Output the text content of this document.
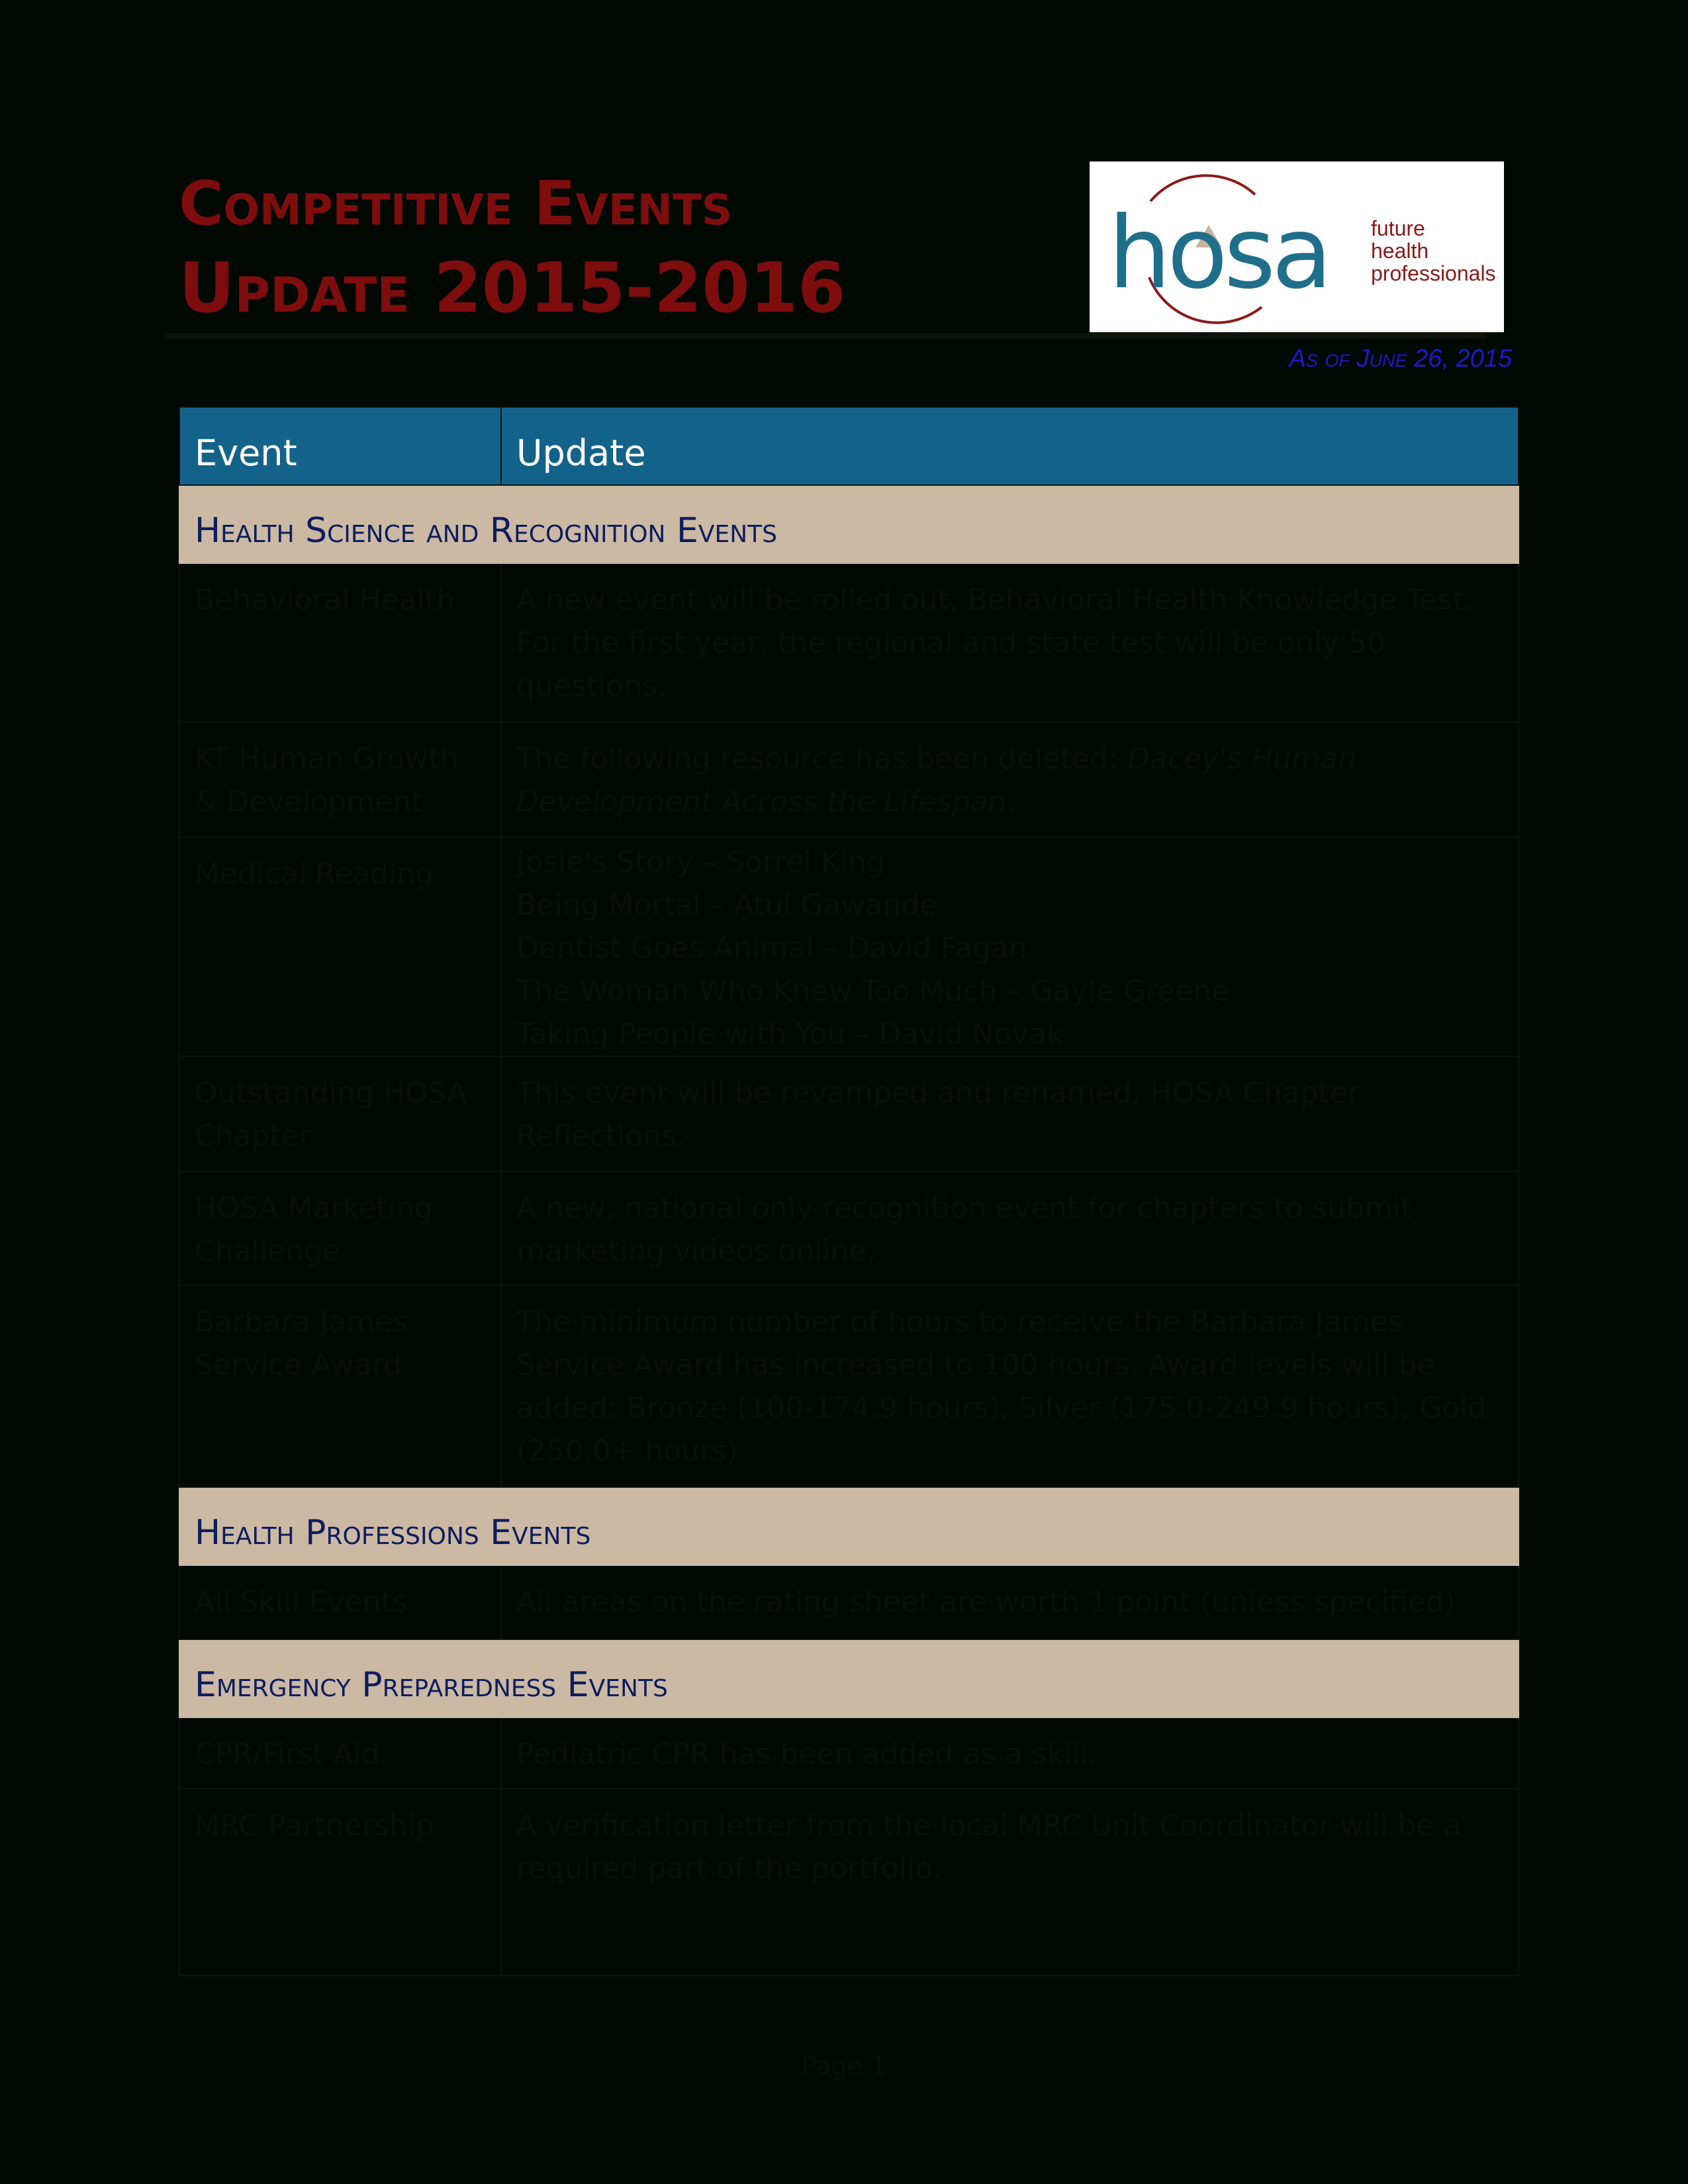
Competitive Events
Update 2015-2016	hosa future
health
professionals
As of June 26, 2015
Event	Update
Health Science and Recognition Events	
Behavioral Health	A new event will be rolled out, Behavioral Health Knowledge Test. For the first year, the regional and state test will be only 50 questions.
KT Human Growth & Development	The following resource has been deleted: Dacey's Human Development Across the Lifespan.
Medical Reading	Josie's Story – Sorrel King
Being Mortal – Atul Gawande
Dentist Goes Animal – David Fagan
The Woman Who Knew Too Much – Gayle Greene
Taking People with You – David Novak

Outstanding HOSA Chapter	This event will be revamped and renamed, HOSA Chapter Reflections.
HOSA Marketing Challenge	A new, national only recognition event for chapters to submit marketing videos online.
Barbara James Service Award	The minimum number of hours to receive the Barbara James Service Award has increased to 100 hours. Award levels will be added: Bronze (100-174.9 hours), Silver (175.0-249.9 hours), Gold (250.0+ hours)
Health Professions Events	
All Skill Events	All areas on the rating sheet are worth 1 point (unless specified)
Emergency Preparedness Events	
CPR/First Aid	Pediatric CPR has been added as a skill.
MRC Partnership	A verification letter from the local MRC Unit Coordinator will be a required part of the portfolio.
Page 1
